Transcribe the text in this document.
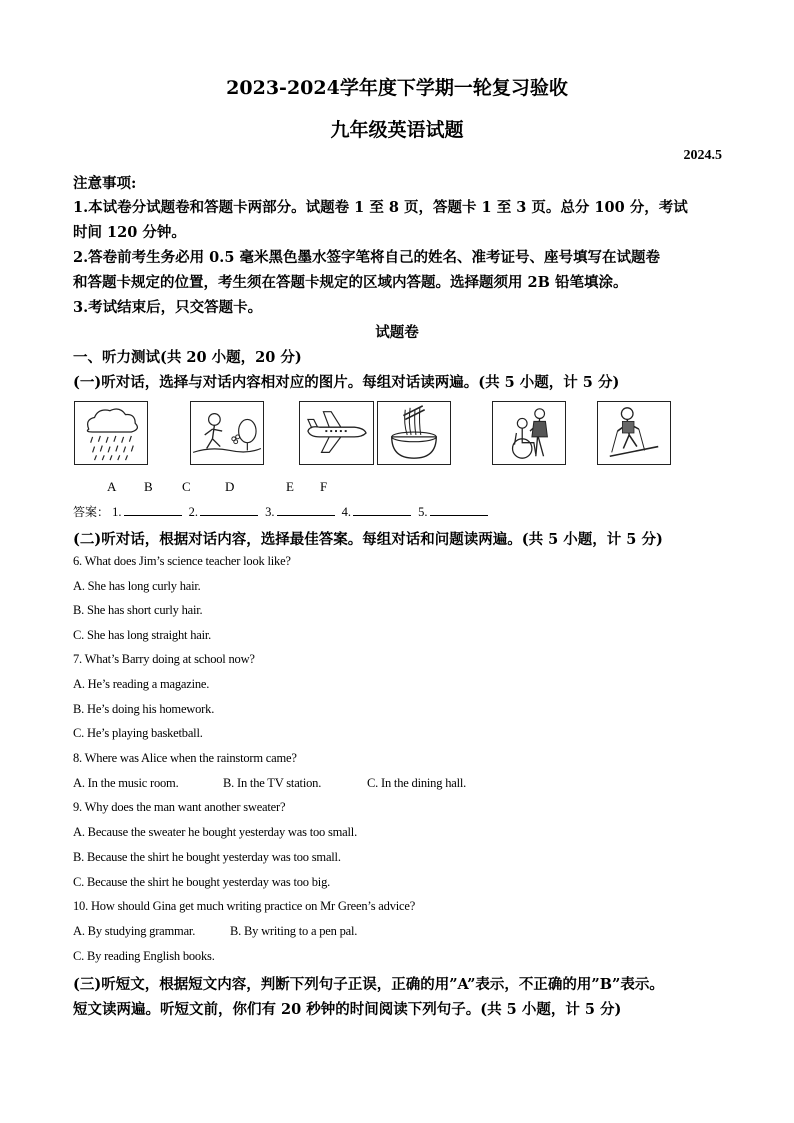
2023-2024学年度下学期一轮复习验收
九年级英语试题
2024.5
注意事项:
1.本试卷分试题卷和答题卡两部分。试题卷 1 至 8 页，答题卡 1 至 3 页。总分 100 分，考试
时间 120 分钟。
2.答卷前考生务必用 0.5 毫米黑色墨水签字笔将自己的姓名、准考证号、座号填写在试题卷
和答题卡规定的位置，考生须在答题卡规定的区域内答题。选择题须用 2B 铅笔填涂。
3.考试结束后，只交答题卡。
试题卷
一、听力测试(共 20 小题，20 分)
(一)听对话，选择与对话内容相对应的图片。每组对话读两遍。(共 5 小题，计 5 分)
A B C	D	E F
答案： 1.	2.	3.	4.	5.
(二)听对话，根据对话内容，选择最佳答案。每组对话和问题读两遍。(共 5 小题，计 5 分)
6. What does Jim’s science teacher look like?
A. She has long curly hair.
B. She has short curly hair.
C. She has long straight hair.
7. What’s Barry doing at school now?
A. He’s reading a magazine.
B. He’s doing his homework.
C. He’s playing basketball.
8. Where was Alice when the rainstorm came?
A. In the music room.	B. In the TV station.	C. In the dining hall.
9. Why does the man want another sweater?
A. Because the sweater he bought yesterday was too small.
B. Because the shirt he bought yesterday was too small.
C. Because the shirt he bought yesterday was too big.
10. How should Gina get much writing practice on Mr Green’s advice?
A. By studying grammar.	B. By writing to a pen pal.
C. By reading English books.
(三)听短文，根据短文内容，判断下列句子正误，正确的用”A”表示，不正确的用”B”表示。
短文读两遍。听短文前，你们有 20 秒钟的时间阅读下列句子。(共 5 小题，计 5 分)
